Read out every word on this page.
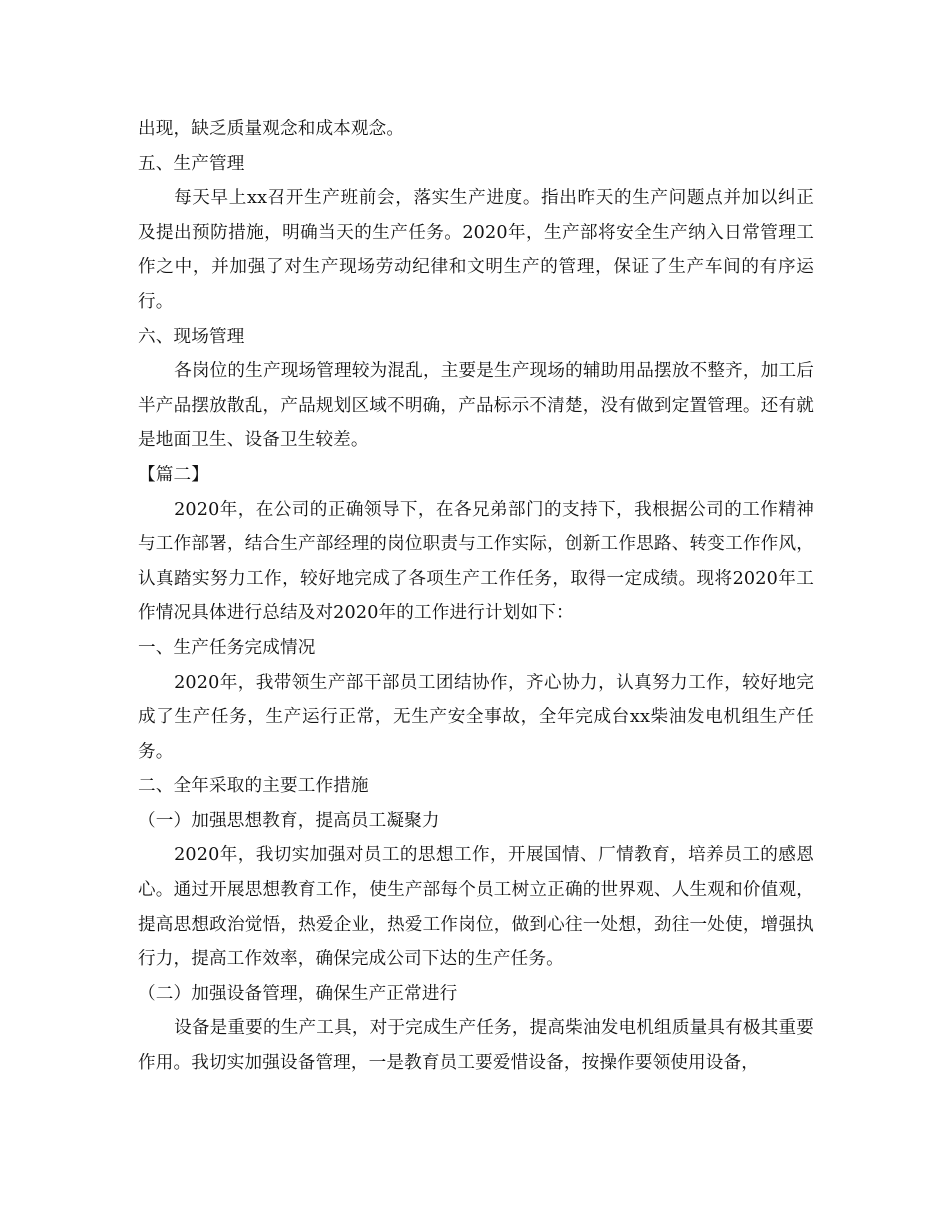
出现，缺乏质量观念和成本观念。

五、生产管理

每天早上xx召开生产班前会，落实生产进度。指出昨天的生产问题点并加以纠正及提出预防措施，明确当天的生产任务。2020年，生产部将安全生产纳入日常管理工作之中，并加强了对生产现场劳动纪律和文明生产的管理，保证了生产车间的有序运行。

六、现场管理

各岗位的生产现场管理较为混乱，主要是生产现场的辅助用品摆放不整齐，加工后半产品摆放散乱，产品规划区域不明确，产品标示不清楚，没有做到定置管理。还有就是地面卫生、设备卫生较差。

【篇二】

2020年，在公司的正确领导下，在各兄弟部门的支持下，我根据公司的工作精神与工作部署，结合生产部经理的岗位职责与工作实际，创新工作思路、转变工作作风，认真踏实努力工作，较好地完成了各项生产工作任务，取得一定成绩。现将2020年工作情况具体进行总结及对2020年的工作进行计划如下：

一、生产任务完成情况

2020年，我带领生产部干部员工团结协作，齐心协力，认真努力工作，较好地完成了生产任务，生产运行正常，无生产安全事故，全年完成台xx柴油发电机组生产任务。

二、全年采取的主要工作措施

（一）加强思想教育，提高员工凝聚力

2020年，我切实加强对员工的思想工作，开展国情、厂情教育，培养员工的感恩心。通过开展思想教育工作，使生产部每个员工树立正确的世界观、人生观和价值观，提高思想政治觉悟，热爱企业，热爱工作岗位，做到心往一处想，劲往一处使，增强执行力，提高工作效率，确保完成公司下达的生产任务。

（二）加强设备管理，确保生产正常进行

设备是重要的生产工具，对于完成生产任务，提高柴油发电机组质量具有极其重要作用。我切实加强设备管理，一是教育员工要爱惜设备，按操作要领使用设备，
